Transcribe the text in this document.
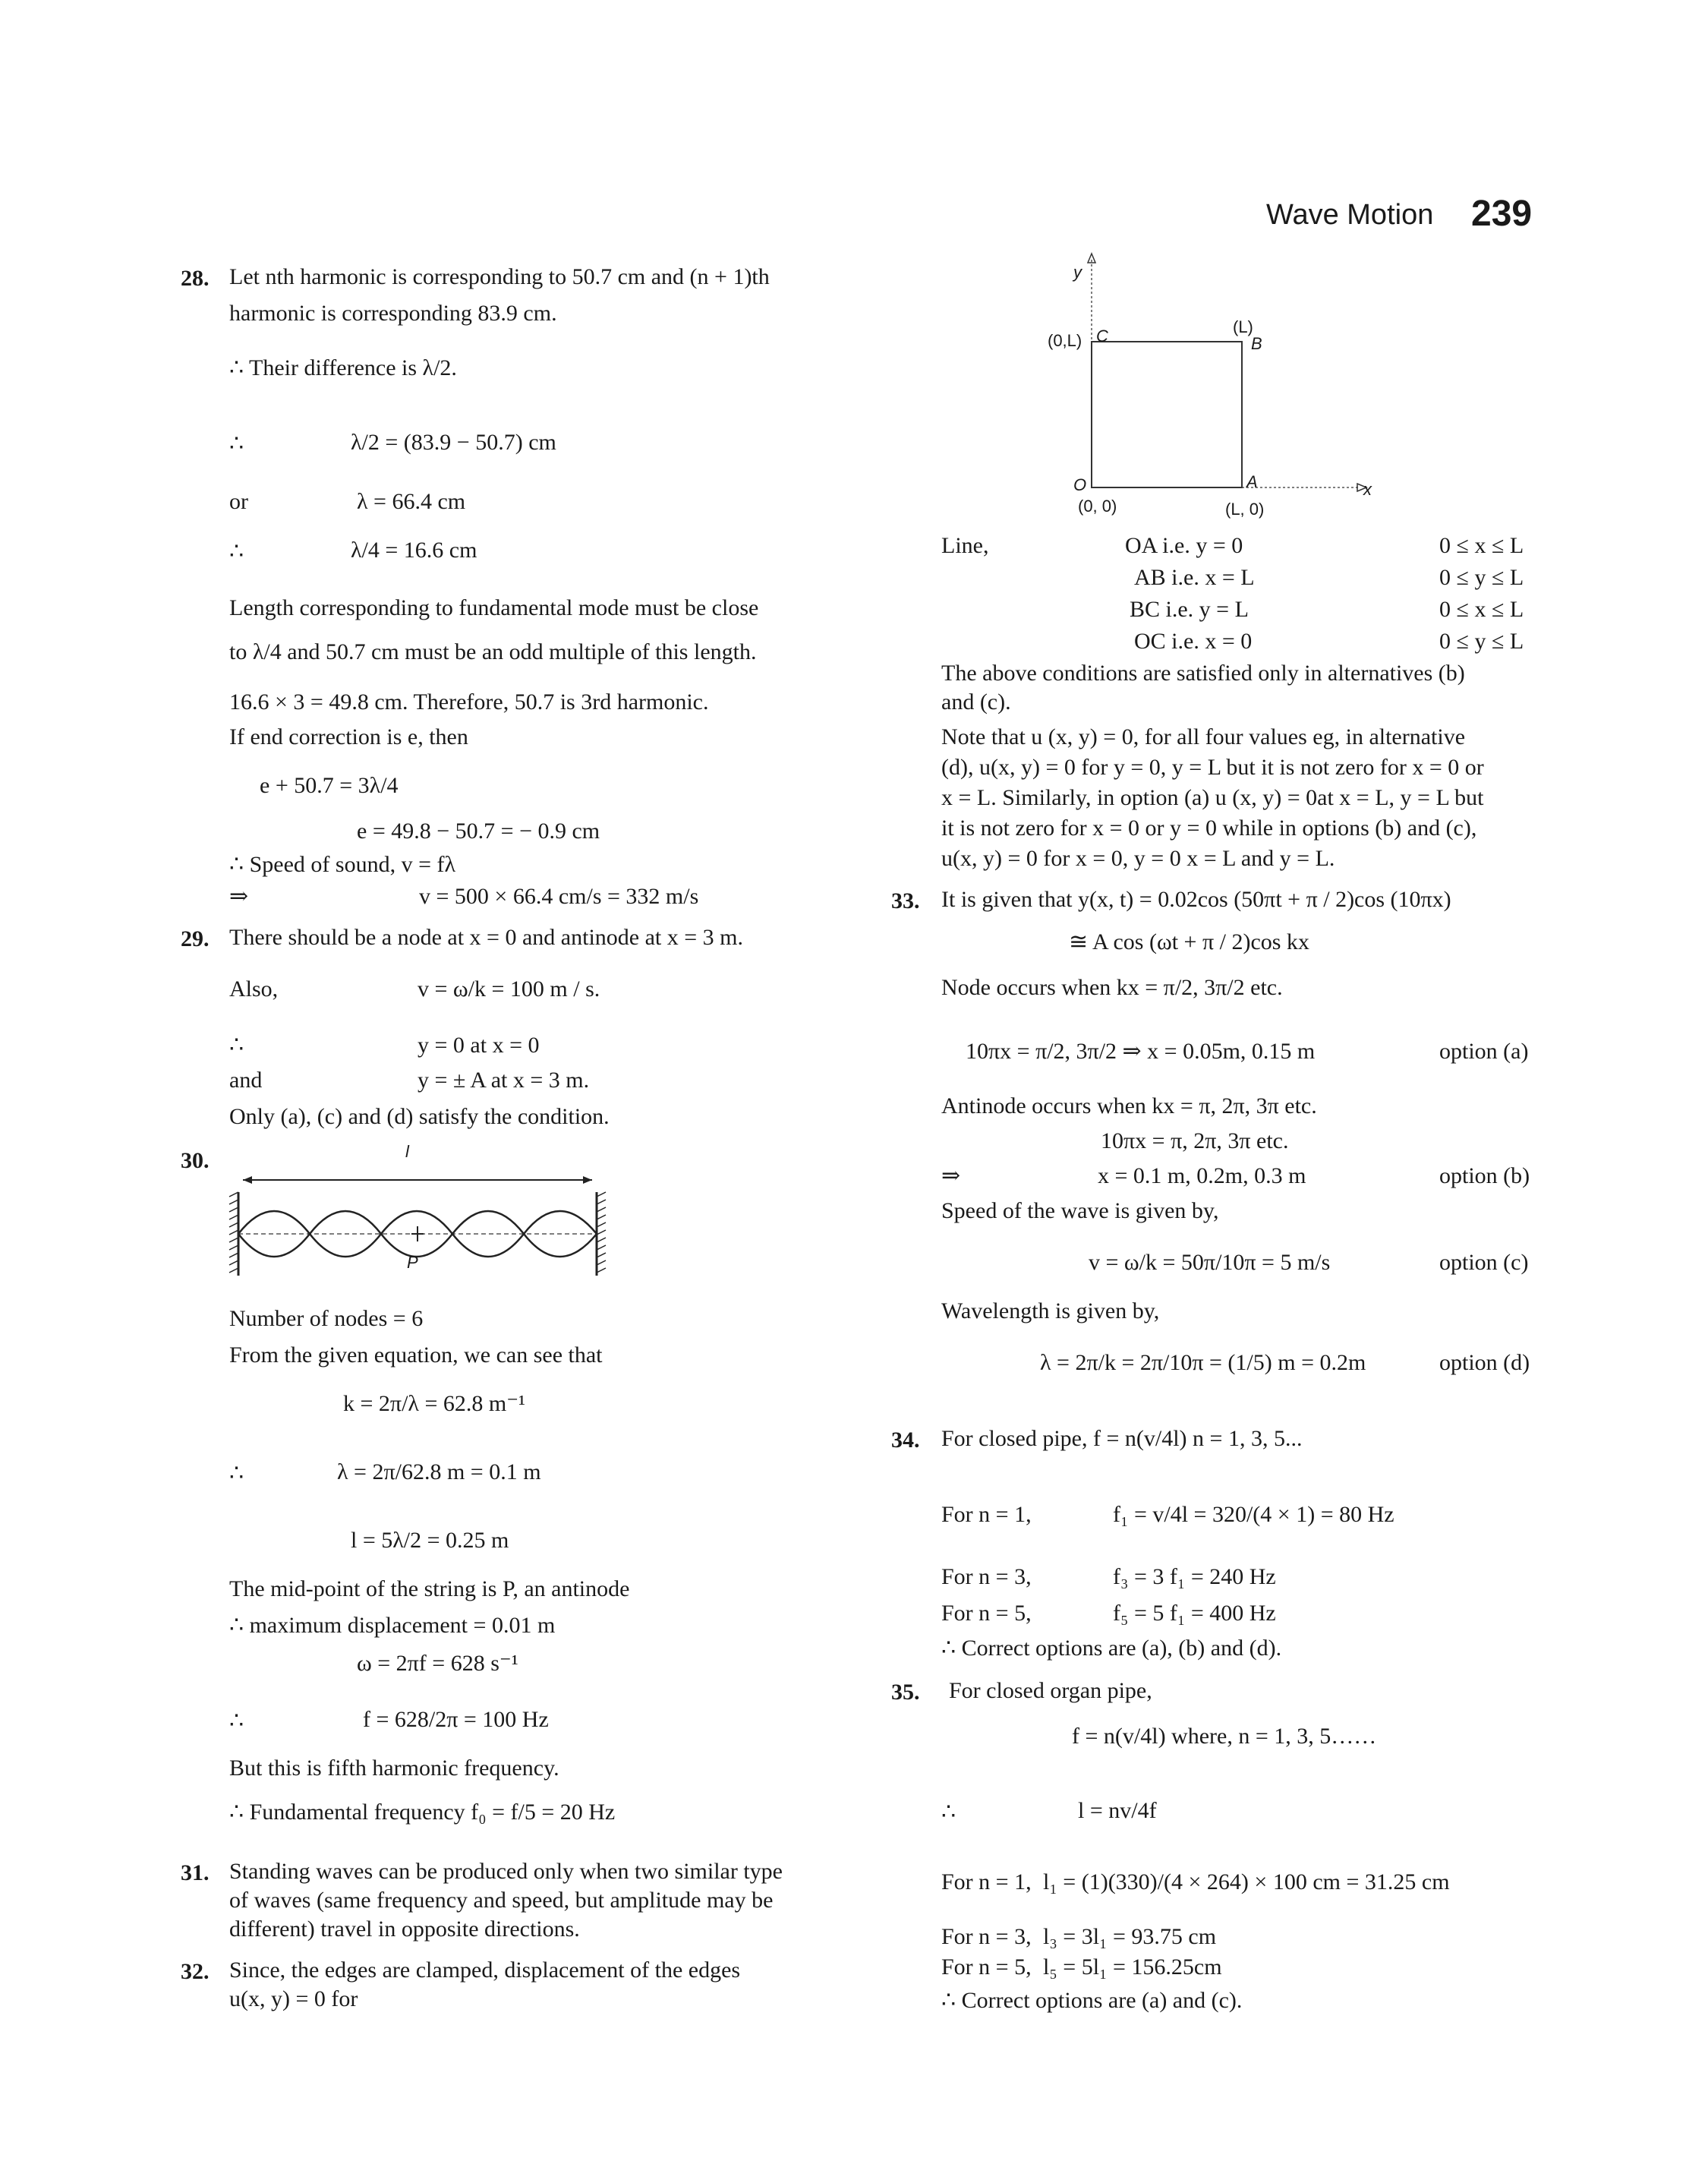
Wave Motion 239
28. Let nth harmonic is corresponding to 50.7 cm and (n + 1)th
harmonic is corresponding 83.9 cm.
∴ Their difference is λ/2.
∴	λ/2 = (83.9 − 50.7) cm
or	λ = 66.4 cm
∴	λ/4 = 16.6 cm
Length corresponding to fundamental mode must be close
to λ/4 and 50.7 cm must be an odd multiple of this length.
16.6 × 3 = 49.8 cm. Therefore, 50.7 is 3rd harmonic.
If end correction is e, then
e + 50.7 = 3λ/4
e = 49.8 − 50.7 = − 0.9 cm
∴ Speed of sound, v = fλ
⇒	v = 500 × 66.4 cm/s = 332 m/s
29. There should be a node at x = 0 and antinode at x = 3 m.
Also,	v = ω/k = 100 m / s.
∴	y = 0 at x = 0
and	y = ± A at x = 3 m.
Only (a), (c) and (d) satisfy the condition.
30.	l
P
Number of nodes = 6
From the given equation, we can see that
k = 2π/λ = 62.8 m⁻¹
∴	λ = 2π/62.8 m = 0.1 m
l = 5λ/2 = 0.25 m
The mid-point of the string is P, an antinode
∴ maximum displacement = 0.01 m
ω = 2πf = 628 s⁻¹
∴	f = 628/2π = 100 Hz
But this is fifth harmonic frequency.
∴ Fundamental frequency f₀ = f/5 = 20 Hz
31. Standing waves can be produced only when two similar type
of waves (same frequency and speed, but amplitude may be
different) travel in opposite directions.
32. Since, the edges are clamped, displacement of the edges
u(x, y) = 0 for
y
x
C	B
A
O
(L)
(0,L)
(0, 0)	(L, 0)
Line,	OA i.e. y = 0	0 ≤ x ≤ L
AB i.e. x = L	0 ≤ y ≤ L
BC i.e. y = L	0 ≤ x ≤ L
OC i.e. x = 0	0 ≤ y ≤ L
The above conditions are satisfied only in alternatives (b)
and (c).
Note that u (x, y) = 0, for all four values eg, in alternative
(d), u(x, y) = 0 for y = 0, y = L but it is not zero for x = 0 or
x = L. Similarly, in option (a) u (x, y) = 0at x = L, y = L but
it is not zero for x = 0 or y = 0 while in options (b) and (c),
u(x, y) = 0 for x = 0, y = 0 x = L and y = L.
33. It is given that y(x, t) = 0.02cos (50πt + π / 2)cos (10πx)
≅ A cos (ωt + π / 2)cos kx
Node occurs when kx = π/2, 3π/2 etc.
10πx = π/2, 3π/2 ⇒ x = 0.05m, 0.15 m	option (a)
Antinode occurs when kx = π, 2π, 3π etc.
10πx = π, 2π, 3π etc.
⇒	x = 0.1 m, 0.2m, 0.3 m	option (b)
Speed of the wave is given by,
v = ω/k = 50π/10π = 5 m/s	option (c)
Wavelength is given by,
λ = 2π/k = 2π/10π = (1/5) m = 0.2m	option (d)
34. For closed pipe, f = n(v/4l) n = 1, 3, 5...
For n = 1,	f₁ = v/4l = 320/(4 × 1) = 80 Hz
For n = 3,	f₃ = 3 f₁ = 240 Hz
For n = 5,	f₅ = 5 f₁ = 400 Hz
∴ Correct options are (a), (b) and (d).
35. For closed organ pipe,
f = n(v/4l) where, n = 1, 3, 5……
∴	l = nv/4f
For n = 1, l₁ = (1)(330)/(4 × 264) × 100 cm = 31.25 cm
For n = 3, l₃ = 3l₁ = 93.75 cm
For n = 5, l₅ = 5l₁ = 156.25cm
∴ Correct options are (a) and (c).
